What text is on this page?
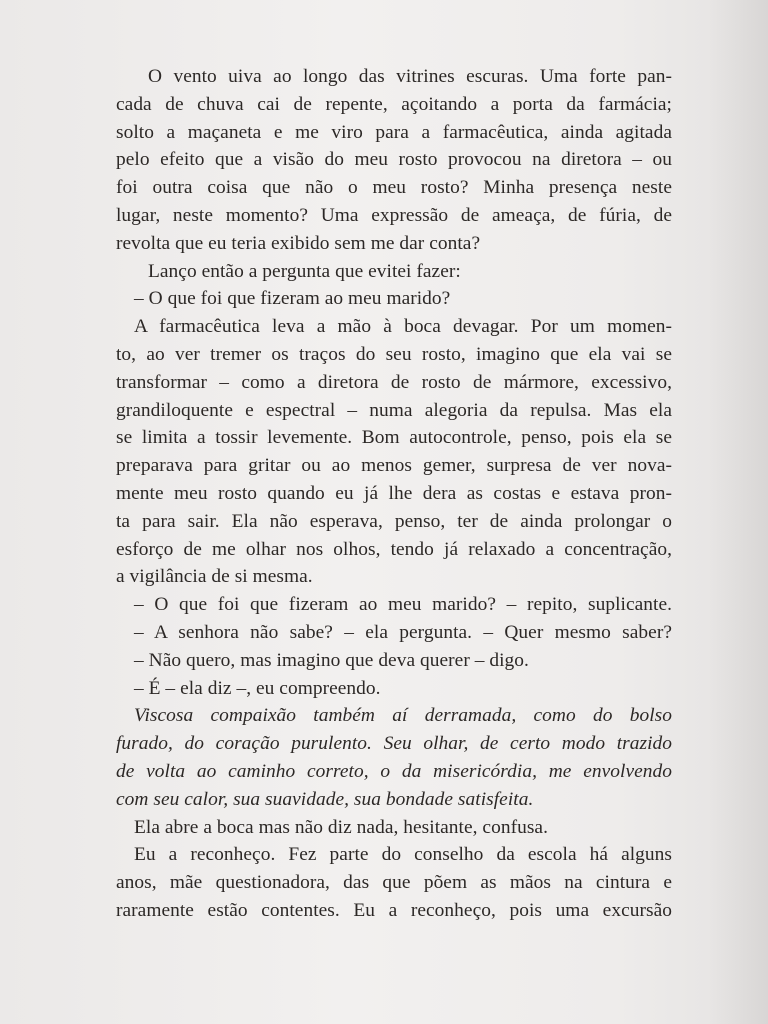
O vento uiva ao longo das vitrines escuras. Uma forte pan-
cada de chuva cai de repente, açoitando a porta da farmácia;
solto a maçaneta e me viro para a farmacêutica, ainda agitada
pelo efeito que a visão do meu rosto provocou na diretora – ou
foi outra coisa que não o meu rosto? Minha presença neste
lugar, neste momento? Uma expressão de ameaça, de fúria, de
revolta que eu teria exibido sem me dar conta?
Lanço então a pergunta que evitei fazer:
– O que foi que fizeram ao meu marido?
A farmacêutica leva a mão à boca devagar. Por um momen-
to, ao ver tremer os traços do seu rosto, imagino que ela vai se
transformar – como a diretora de rosto de mármore, excessivo,
grandiloquente e espectral – numa alegoria da repulsa. Mas ela
se limita a tossir levemente. Bom autocontrole, penso, pois ela se
preparava para gritar ou ao menos gemer, surpresa de ver nova-
mente meu rosto quando eu já lhe dera as costas e estava pron-
ta para sair. Ela não esperava, penso, ter de ainda prolongar o
esforço de me olhar nos olhos, tendo já relaxado a concentração,
a vigilância de si mesma.
– O que foi que fizeram ao meu marido? – repito, suplicante.
– A senhora não sabe? – ela pergunta. – Quer mesmo saber?
– Não quero, mas imagino que deva querer – digo.
– É – ela diz –, eu compreendo.
Viscosa compaixão também aí derramada, como do bolso
furado, do coração purulento. Seu olhar, de certo modo trazido
de volta ao caminho correto, o da misericórdia, me envolvendo
com seu calor, sua suavidade, sua bondade satisfeita.
Ela abre a boca mas não diz nada, hesitante, confusa.
Eu a reconheço. Fez parte do conselho da escola há alguns
anos, mãe questionadora, das que põem as mãos na cintura e
raramente estão contentes. Eu a reconheço, pois uma excursão
